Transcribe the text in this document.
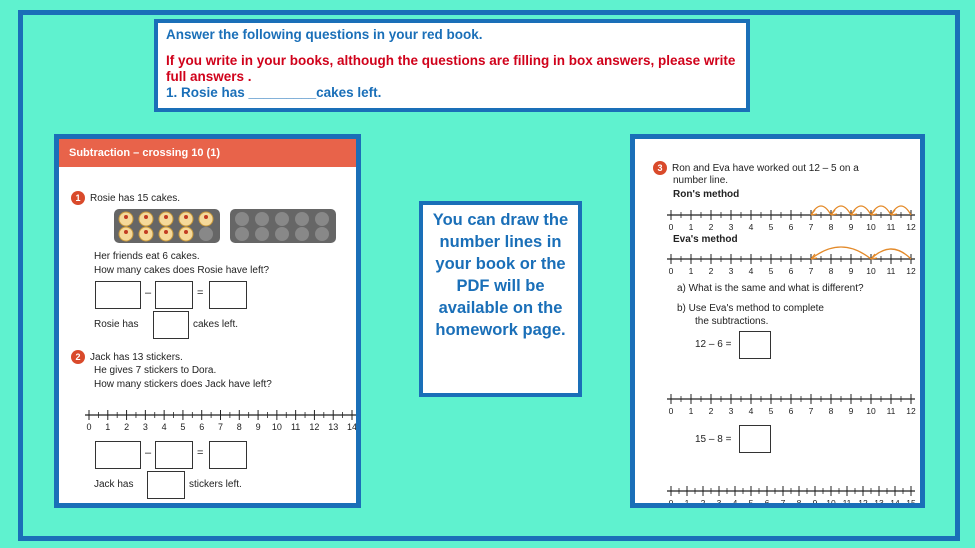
Answer the following questions in your red book.
If you write in your books, although the questions are filling in box answers, please write full answers .
1. Rosie has _________cakes left.
Subtraction – crossing 10 (1)
1 Rosie has 15 cakes.
Her friends eat 6 cakes.
How many cakes does Rosie have left?
–	=
Rosie has	cakes left.
2 Jack has 13 stickers.
He gives 7 stickers to Dora.
How many stickers does Jack have left?
0 1 2 3 4 5 6 7 8 9 10 11 12 13 14
–	=
Jack has	stickers left.
You can draw the number lines in your book or the PDF will be available on the homework page.
3 Ron and Eva have worked out 12 – 5 on a
number line.
Ron's method
0 1 2 3 4 5 6 7 8 9 10 11 12
Eva's method
0 1 2 3 4 5 6 7 8 9 10 11 12
a) What is the same and what is different?
b) Use Eva's method to complete
the subtractions.
12 – 6 =
0 1 2 3 4 5 6 7 8 9 10 11 12
15 – 8 =
0 1 2 3 4 5 6 7 8 9 10 11 12 13 14 15
